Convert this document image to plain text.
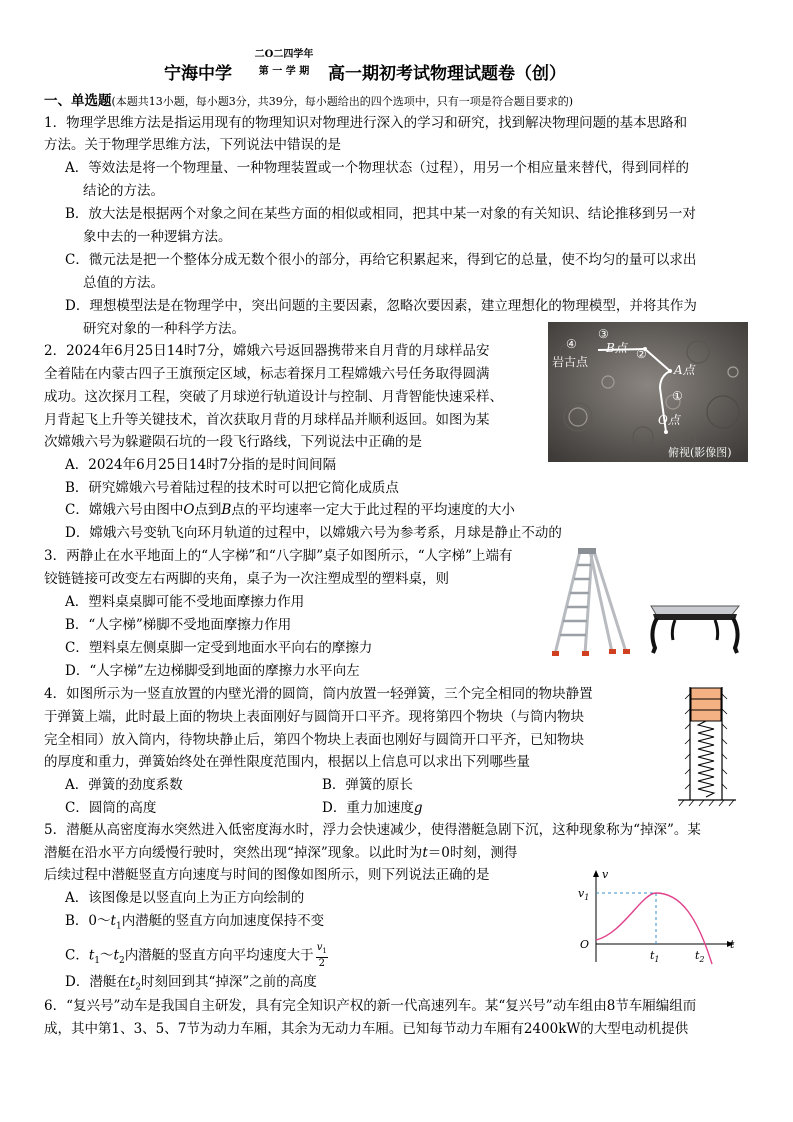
宁海中学
二O二四学年
第 一 学 期	高一期初考试物理试题卷（创）
一、单选题(本题共13小题，每小题3分，共39分，每小题给出的四个选项中，只有一项是符合题目要求的)
1．物理学思维方法是指运用现有的物理知识对物理进行深入的学习和研究，找到解决物理问题的基本思路和
方法。关于物理学思维方法，下列说法中错误的是
A．等效法是将一个物理量、一种物理装置或一个物理状态（过程），用另一个相应量来替代，得到同样的
结论的方法。
B．放大法是根据两个对象之间在某些方面的相似或相同，把其中某一对象的有关知识、结论推移到另一对
象中去的一种逻辑方法。
C．微元法是把一个整体分成无数个很小的部分，再给它积累起来，得到它的总量，使不均匀的量可以求出
总值的方法。
D．理想模型法是在物理学中，突出问题的主要因素，忽略次要因素，建立理想化的物理模型，并将其作为
研究对象的一种科学方法。
2．2024年6月25日14时7分，嫦娥六号返回器携带来自月背的月球样品安
全着陆在内蒙古四子王旗预定区域，标志着探月工程嫦娥六号任务取得圆满
成功。这次探月工程，突破了月球逆行轨道设计与控制、月背智能快速采样、
月背起飞上升等关键技术，首次获取月背的月球样品并顺利返回。如图为某
次嫦娥六号为躲避陨石坑的一段飞行路线，下列说法中正确的是
A．2024年6月25日14时7分指的是时间间隔
B．研究嫦娥六号着陆过程的技术时可以把它简化成质点
C．嫦娥六号由图中O点到B点的平均速率一定大于此过程的平均速度的大小
D．嫦娥六号变轨飞向环月轨道的过程中，以嫦娥六号为参考系，月球是静止不动的
④
③
②
①
岩古点
B点
A点
O点
俯视(影像图)
3．两静止在水平地面上的“人字梯”和“八字脚”桌子如图所示，“人字梯”上端有
铰链链接可改变左右两脚的夹角，桌子为一次注塑成型的塑料桌，则
A．塑料桌桌脚可能不受地面摩擦力作用
B．“人字梯”梯脚不受地面摩擦力作用
C．塑料桌左侧桌脚一定受到地面水平向右的摩擦力
D．“人字梯”左边梯脚受到地面的摩擦力水平向左
4．如图所示为一竖直放置的内壁光滑的圆筒，筒内放置一轻弹簧，三个完全相同的物块静置
于弹簧上端，此时最上面的物块上表面刚好与圆筒开口平齐。现将第四个物块（与筒内物块
完全相同）放入筒内，待物块静止后，第四个物块上表面也刚好与圆筒开口平齐，已知物块
的厚度和重力，弹簧始终处在弹性限度范围内，根据以上信息可以求出下列哪些量
A．弹簧的劲度系数	B．弹簧的原长
C．圆筒的高度	D．重力加速度g
5．潜艇从高密度海水突然进入低密度海水时，浮力会快速减少，使得潜艇急剧下沉，这种现象称为“掉深”。某
潜艇在沿水平方向缓慢行驶时，突然出现“掉深”现象。以此时为t＝0时刻，测得
后续过程中潜艇竖直方向速度与时间的图像如图所示，则下列说法正确的是
A．该图像是以竖直向上为正方向绘制的
B．$0\sim t_1$内潜艇的竖直方向加速度保持不变
C．$t_1\sim t_2$内潜艇的竖直方向平均速度大于 $\frac{v_1}{2}$
D．潜艇在$t_2$时刻回到其“掉深”之前的高度
v
$v_1$
O	t
$t_1$	$t_2$
6．“复兴号”动车是我国自主研发，具有完全知识产权的新一代高速列车。某“复兴号”动车组由8节车厢编组而
成，其中第1、3、5、7节为动力车厢，其余为无动力车厢。已知每节动力车厢有2400kW的大型电动机提供
